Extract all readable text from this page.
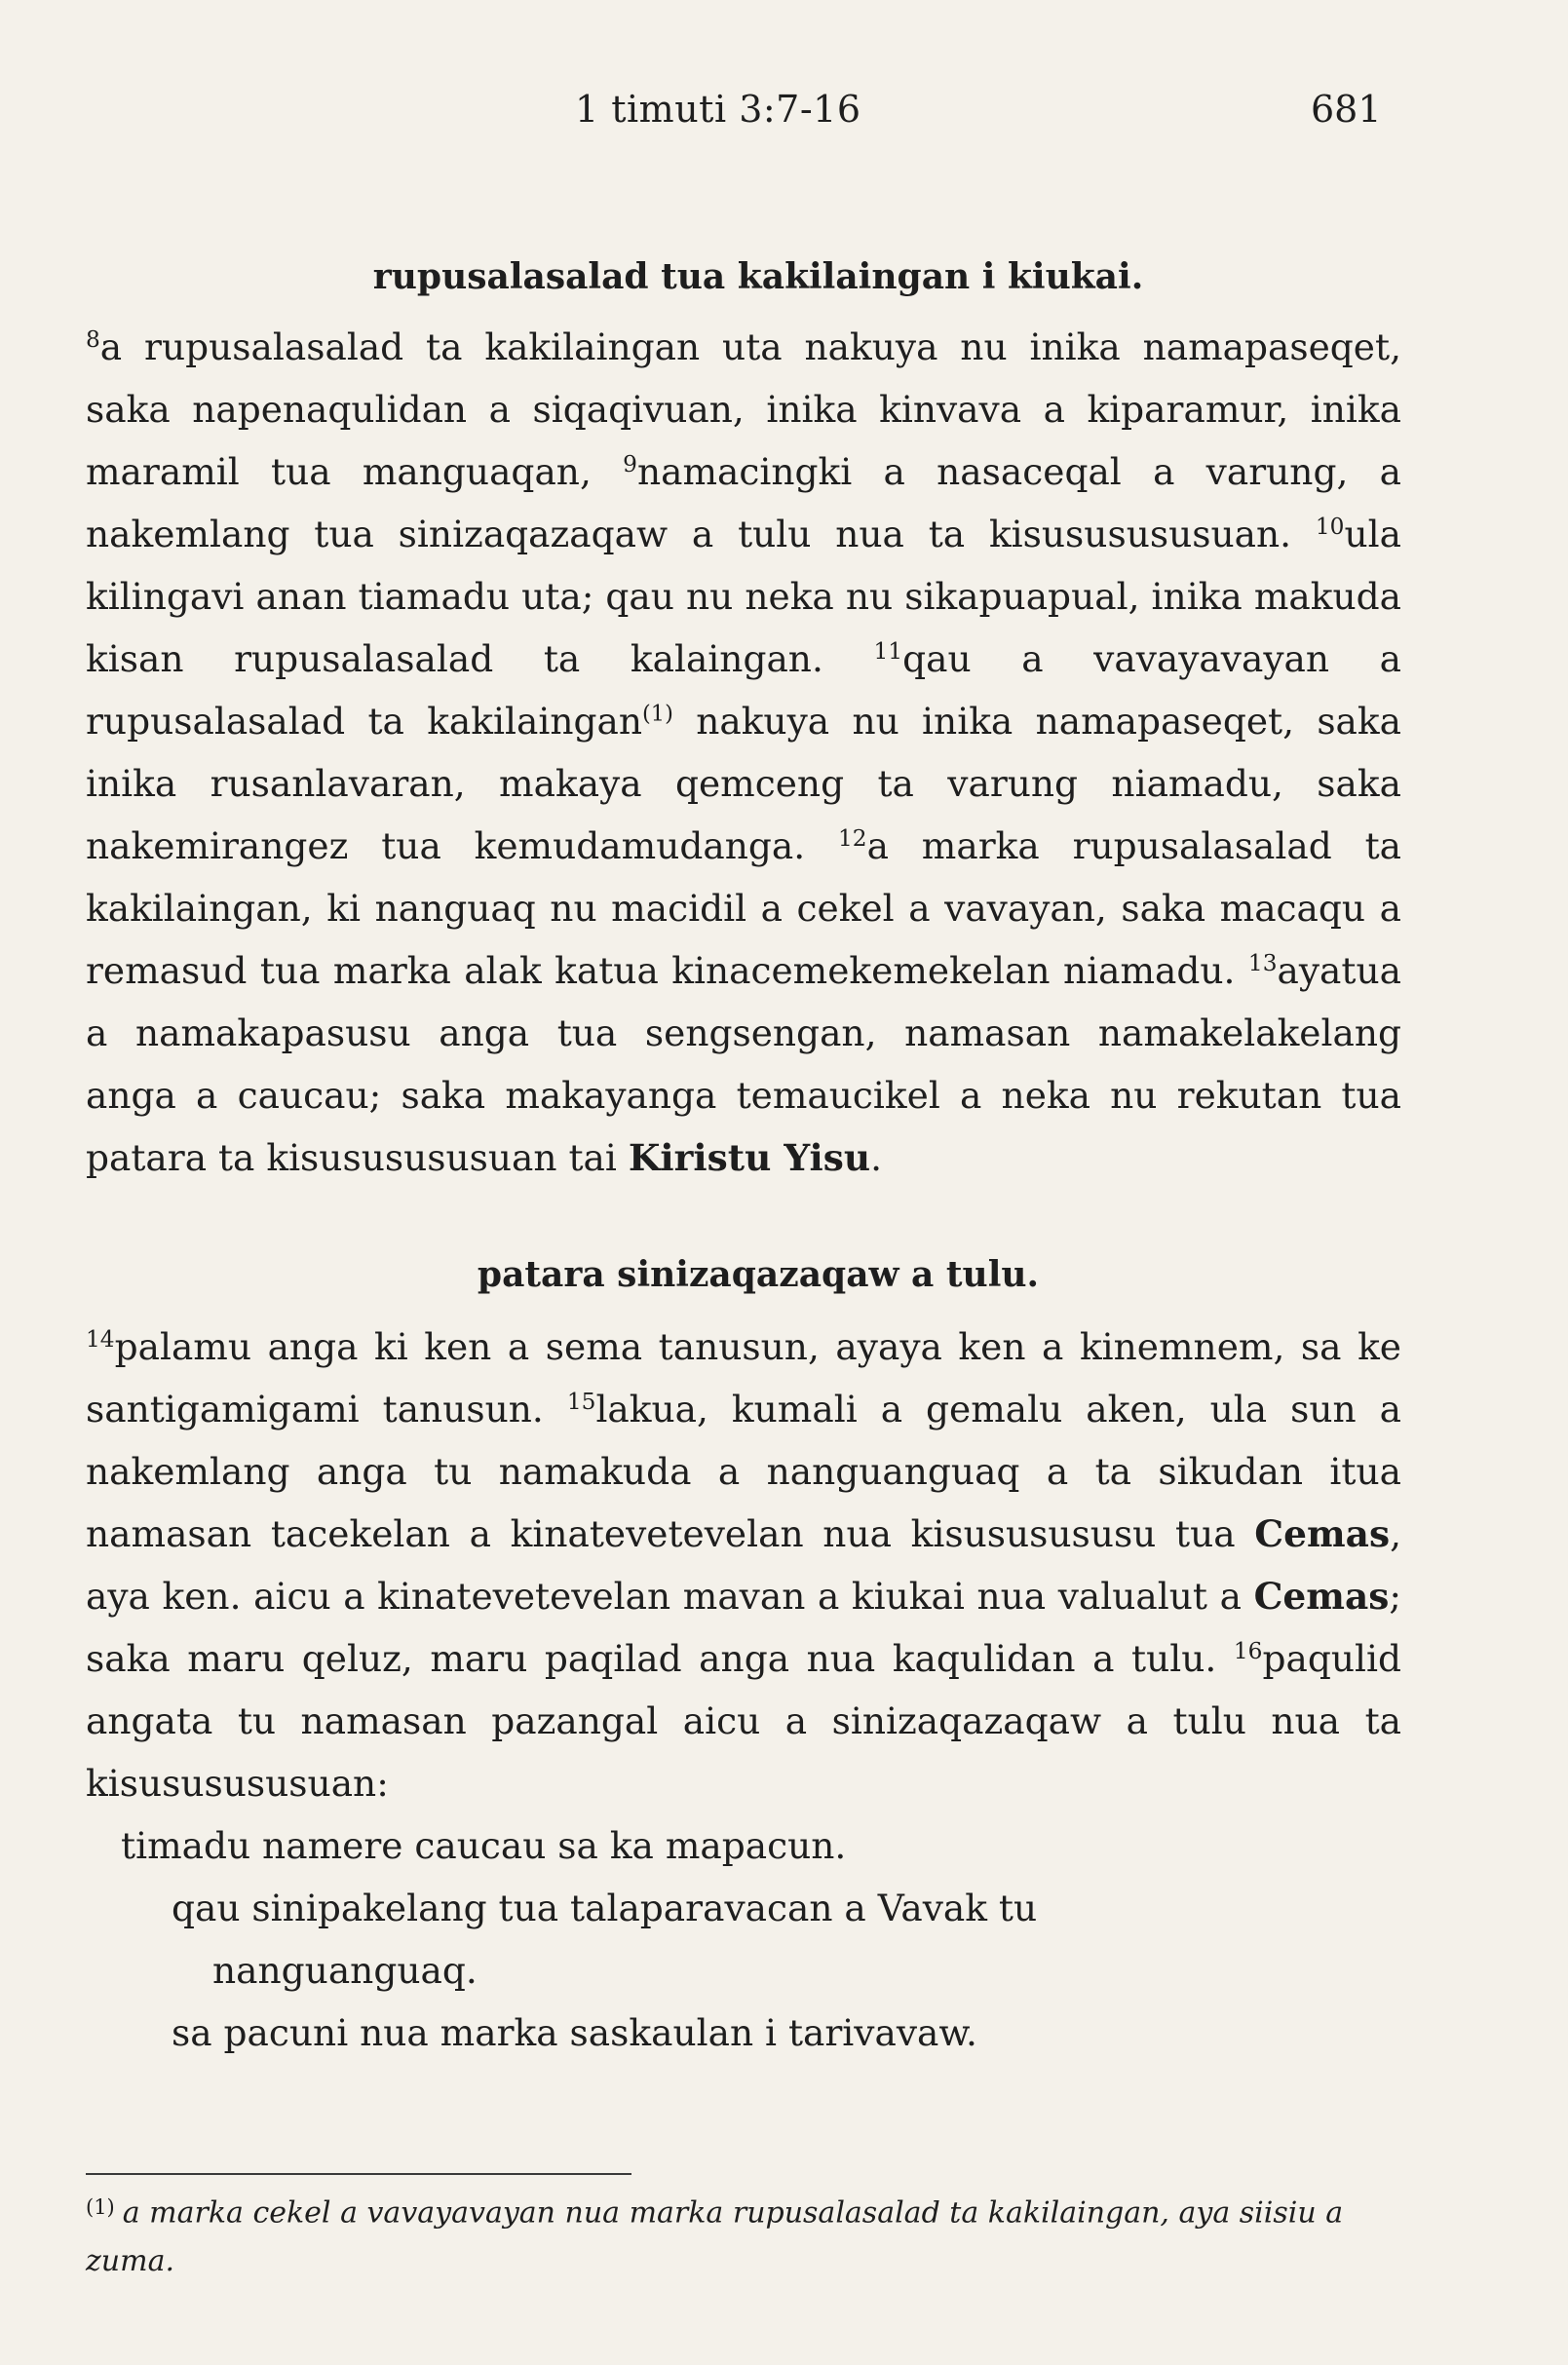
1 timuti 3:7-16	681
rupusalasalad tua kakilaingan i kiukai.

$^8$a rupusalasalad ta kakilaingan uta nakuya nu inika namapaseqet, saka napenaqulidan a siqaqivuan, inika kinvava a kiparamur, inika maramil tua manguaqan, $^9$namacingki a nasaceqal a varung, a nakemlang tua sinizaqazaqaw a tulu nua ta kisususususuan. $^{10}$ula kilingavi anan tiamadu uta; qau nu neka nu sikapuapual, inika makuda kisan rupusalasalad ta kalaingan. $^{11}$qau a vavayavayan a rupusalasalad ta kakilaingan$^{(1)}$ nakuya nu inika namapaseqet, saka inika rusanlavaran, makaya qemceng ta varung niamadu, saka nakemirangez tua kemudamudanga. $^{12}$a marka rupusalasalad ta kakilaingan, ki nanguaq nu macidil a cekel a vavayan, saka macaqu a remasud tua marka alak katua kinacemekemekelan niamadu. $^{13}$ayatua a namakapasusu anga tua sengsengan, namasan namakelakelang anga a caucau; saka makayanga temaucikel a neka nu rekutan tua patara ta kisususususuan tai Kiristu Yisu.

patara sinizaqazaqaw a tulu.

$^{14}$palamu anga ki ken a sema tanusun, ayaya ken a kinemnem, sa ke santigamigami tanusun. $^{15}$lakua, kumali a gemalu aken, ula sun a nakemlang anga tu namakuda a nanguanguaq a ta sikudan itua namasan tacekelan a kinatevetevelan nua kisususususu tua Cemas, aya ken. aicu a kinatevetevelan mavan a kiukai nua valualut a Cemas; saka maru qeluz, maru paqilad anga nua kaqulidan a tulu. $^{16}$paqulid angata tu namasan pazangal aicu a sinizaqazaqaw a tulu nua ta kisususususuan:

timadu namere caucau sa ka mapacun.

qau sinipakelang tua talaparavacan a Vavak tu

nanguanguaq.

sa pacuni nua marka saskaulan i tarivavaw.

$^{(1)}$ a marka cekel a vavayavayan nua marka rupusalasalad ta kakilaingan, aya siisiu a zuma.
